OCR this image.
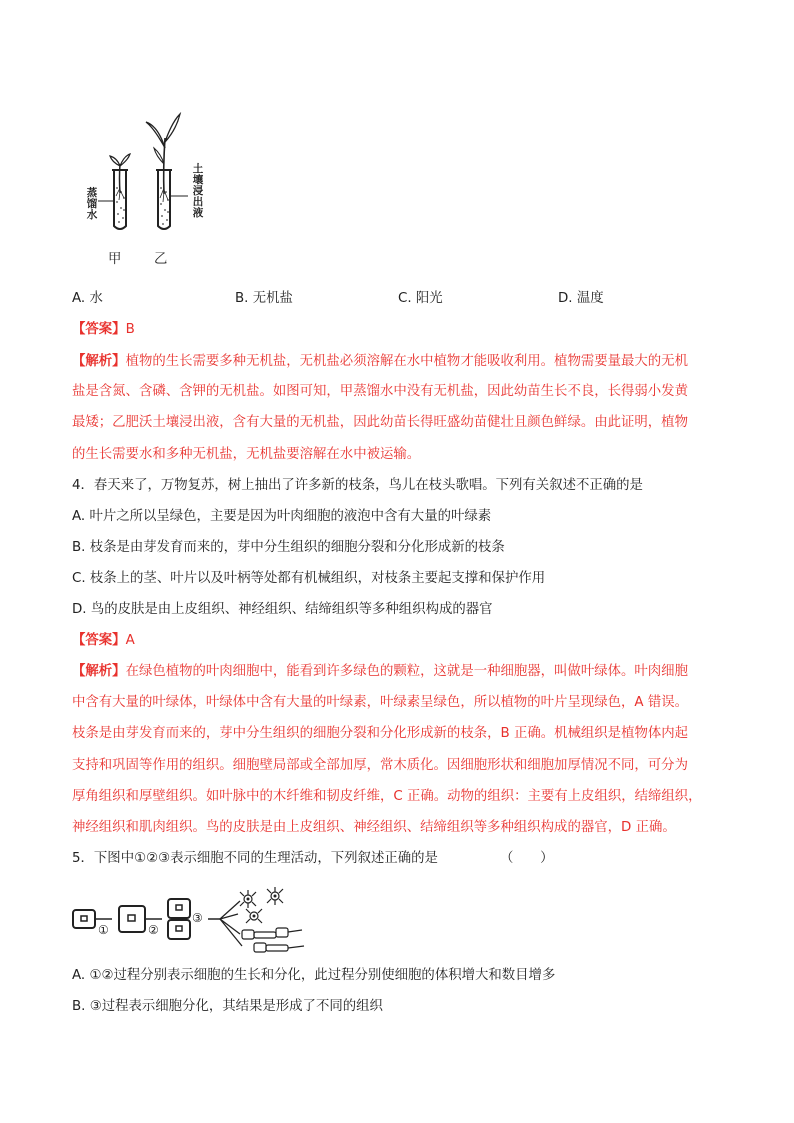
蒸馏水
土壤浸出液
甲 乙
A. 水	B. 无机盐	C. 阳光	D. 温度
【答案】B
【解析】植物的生长需要多种无机盐，无机盐必须溶解在水中植物才能吸收利用。植物需要量最大的无机
盐是含氮、含磷、含钾的无机盐。如图可知，甲蒸馏水中没有无机盐，因此幼苗生长不良，长得弱小发黄
最矮；乙肥沃土壤浸出液，含有大量的无机盐，因此幼苗长得旺盛幼苗健壮且颜色鲜绿。由此证明，植物
的生长需要水和多种无机盐，无机盐要溶解在水中被运输。
4．春天来了，万物复苏，树上抽出了许多新的枝条，鸟儿在枝头歌唱。下列有关叙述不正确的是
A. 叶片之所以呈绿色，主要是因为叶肉细胞的液泡中含有大量的叶绿素
B. 枝条是由芽发育而来的，芽中分生组织的细胞分裂和分化形成新的枝条
C. 枝条上的茎、叶片以及叶柄等处都有机械组织，对枝条主要起支撑和保护作用
D. 鸟的皮肤是由上皮组织、神经组织、结缔组织等多种组织构成的器官
【答案】A
【解析】在绿色植物的叶肉细胞中，能看到许多绿色的颗粒，这就是一种细胞器，叫做叶绿体。叶肉细胞
中含有大量的叶绿体，叶绿体中含有大量的叶绿素，叶绿素呈绿色，所以植物的叶片呈现绿色，A 错误。
枝条是由芽发育而来的，芽中分生组织的细胞分裂和分化形成新的枝条，B 正确。机械组织是植物体内起
支持和巩固等作用的组织。细胞壁局部或全部加厚，常木质化。因细胞形状和细胞加厚情况不同，可分为
厚角组织和厚壁组织。如叶脉中的木纤维和韧皮纤维，C 正确。动物的组织：主要有上皮组织，结缔组织，
神经组织和肌肉组织。鸟的皮肤是由上皮组织、神经组织、结缔组织等多种组织构成的器官，D 正确。
5．下图中①②③表示细胞不同的生理活动，下列叙述正确的是	（　　）
①	②
③
A. ①②过程分别表示细胞的生长和分化，此过程分别使细胞的体积增大和数目增多
B. ③过程表示细胞分化，其结果是形成了不同的组织
